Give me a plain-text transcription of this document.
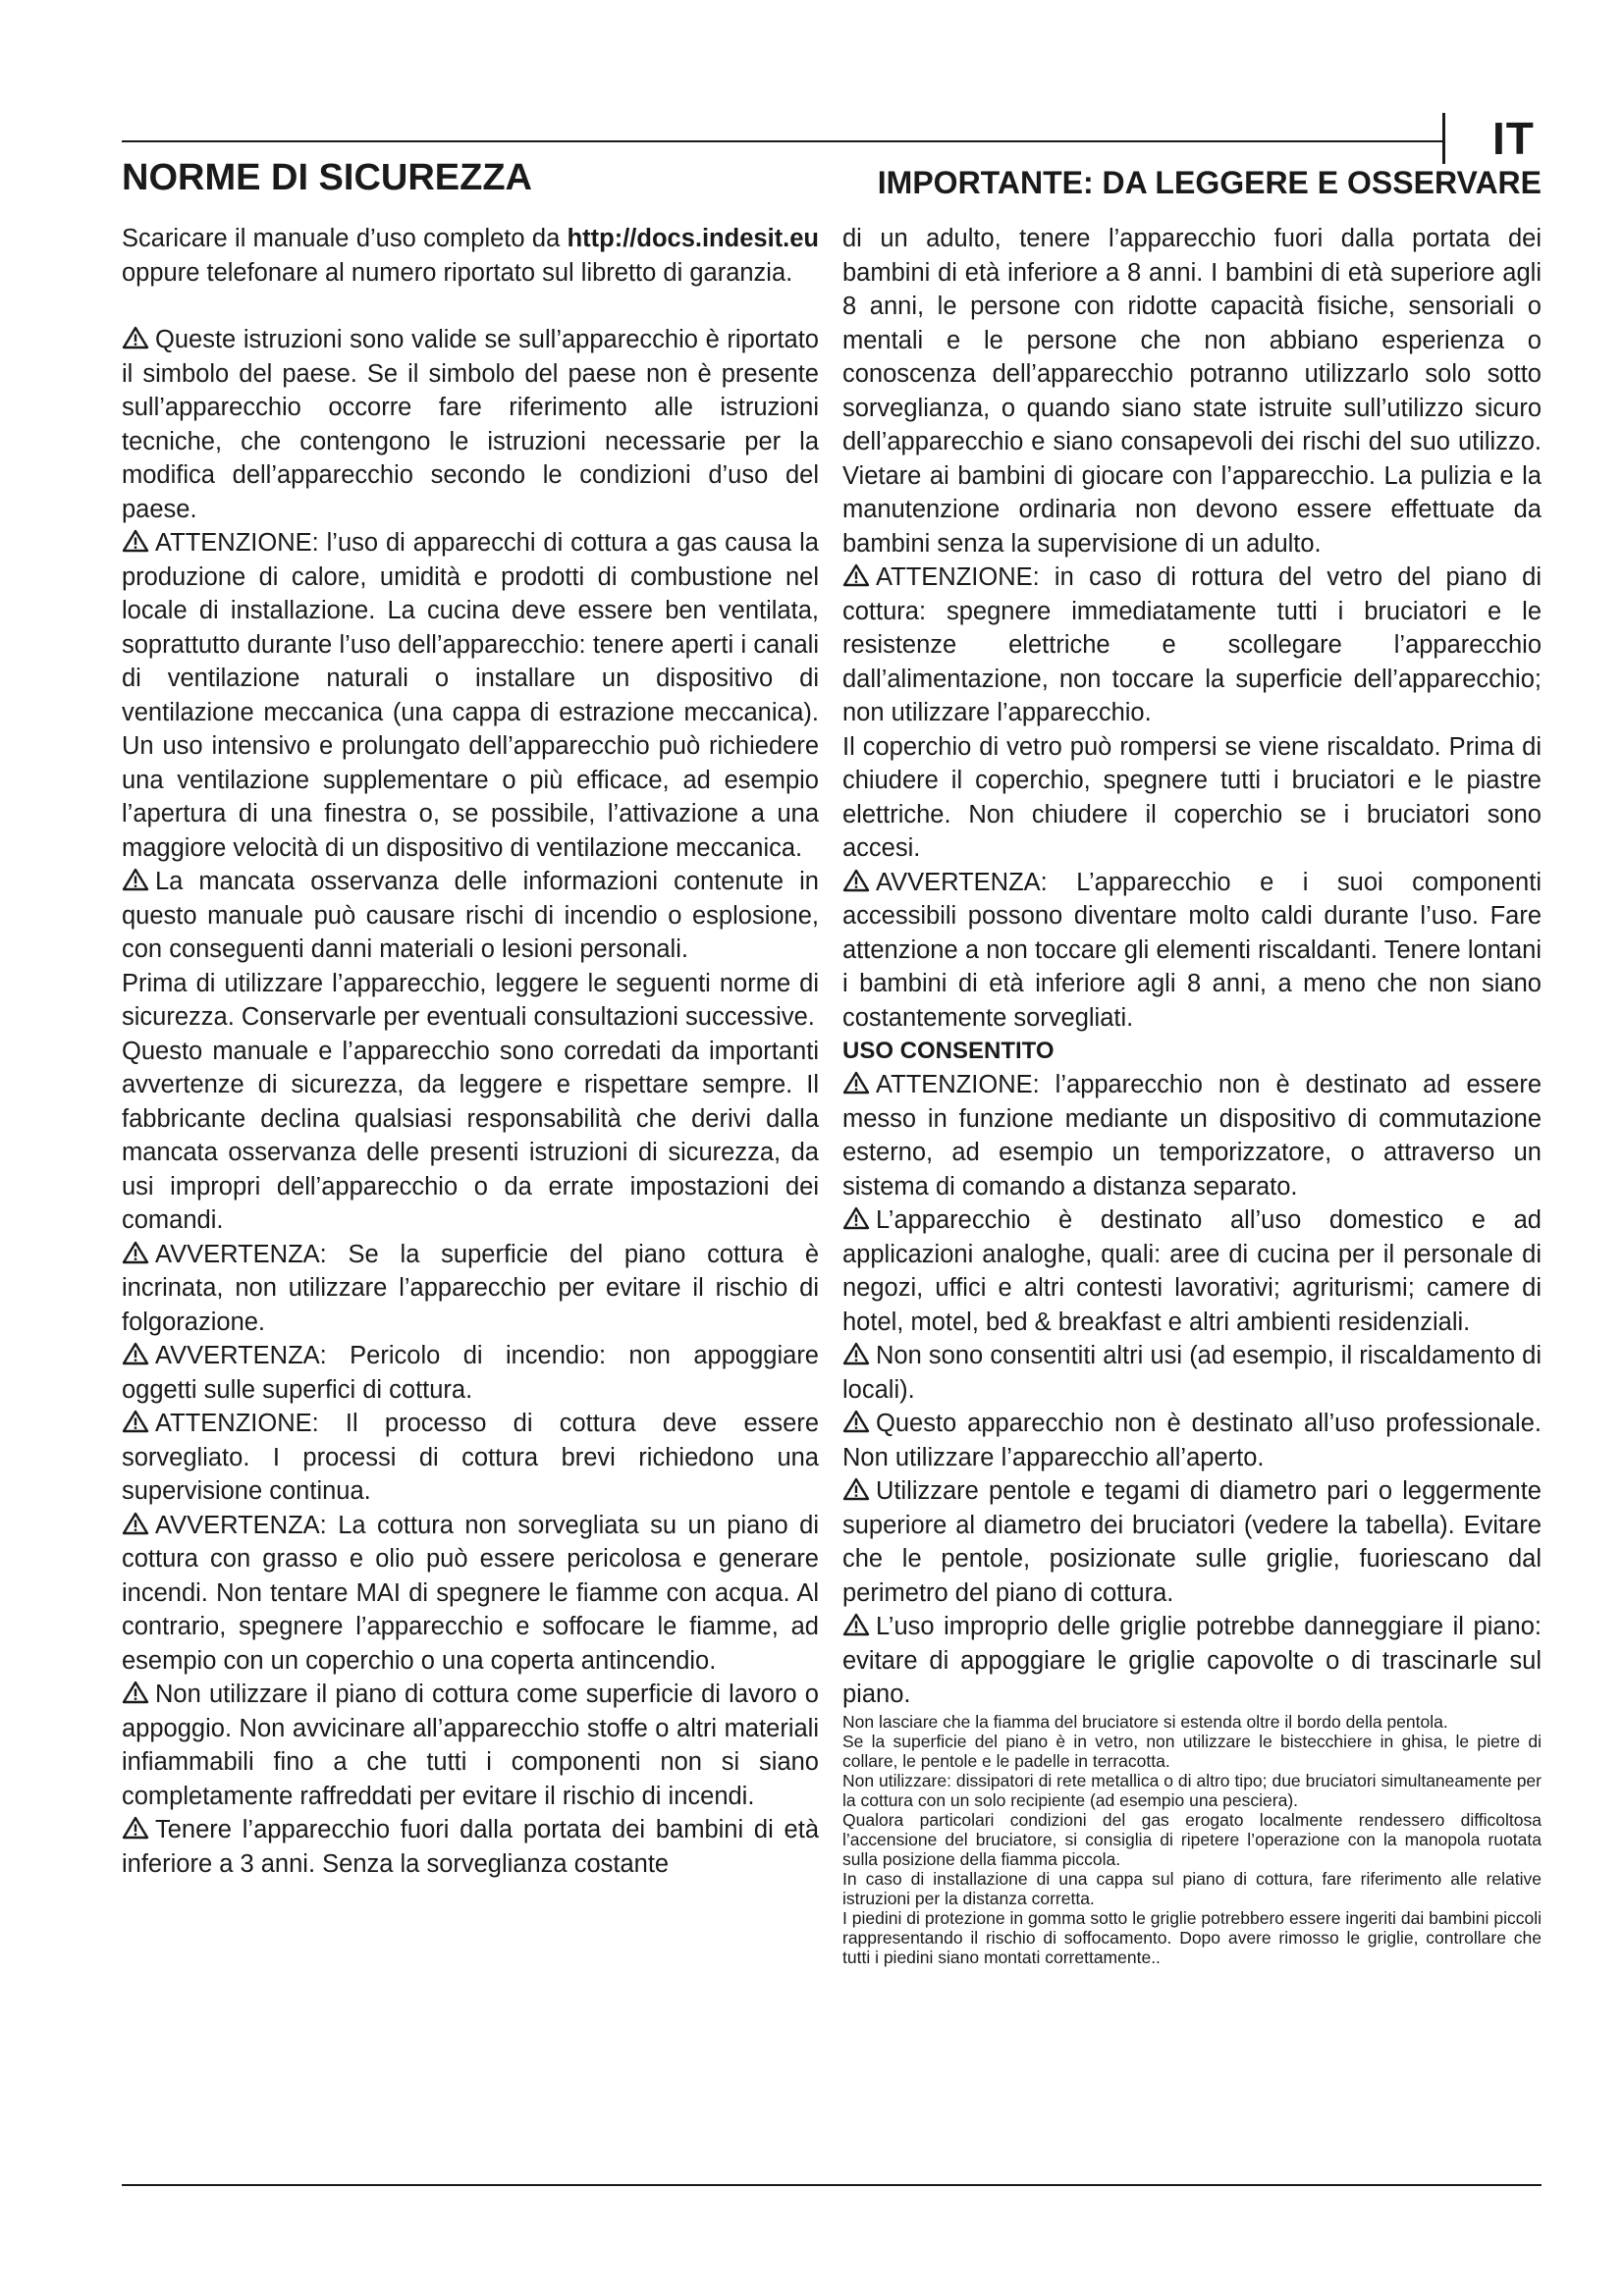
IT
NORME DI SICUREZZA	IMPORTANTE: DA LEGGERE E OSSERVARE

Scaricare il manuale d’uso completo da http://docs.indesit.eu oppure telefonare al numero riportato sul libretto di garanzia.

Queste istruzioni sono valide se sull’apparecchio è riportato il simbolo del paese. Se il simbolo del paese non è presente sull’apparecchio occorre fare riferimento alle istruzioni tecniche, che contengono le istruzioni necessarie per la modifica dell’apparecchio secondo le condizioni d’uso del paese.

ATTENZIONE: l’uso di apparecchi di cottura a gas causa la produzione di calore, umidità e prodotti di combustione nel locale di installazione. La cucina deve essere ben ventilata, soprattutto durante l’uso dell’apparecchio: tenere aperti i canali di ventilazione naturali o installare un dispositivo di ventilazione meccanica (una cappa di estrazione meccanica). Un uso intensivo e prolungato dell’apparecchio può richiedere una ventilazione supplementare o più efficace, ad esempio l’apertura di una finestra o, se possibile, l’attivazione a una maggiore velocità di un dispositivo di ventilazione meccanica.

La mancata osservanza delle informazioni contenute in questo manuale può causare rischi di incendio o esplosione, con conseguenti danni materiali o lesioni personali.

Prima di utilizzare l’apparecchio, leggere le seguenti norme di sicurezza. Conservarle per eventuali consultazioni successive.

Questo manuale e l’apparecchio sono corredati da importanti avvertenze di sicurezza, da leggere e rispettare sempre. Il fabbricante declina qualsiasi responsabilità che derivi dalla mancata osservanza delle presenti istruzioni di sicurezza, da usi impropri dell’apparecchio o da errate impostazioni dei comandi.

AVVERTENZA: Se la superficie del piano cottura è incrinata, non utilizzare l’apparecchio per evitare il rischio di folgorazione.

AVVERTENZA: Pericolo di incendio: non appoggiare oggetti sulle superfici di cottura.

ATTENZIONE: Il processo di cottura deve essere sorvegliato. I processi di cottura brevi richiedono una supervisione continua.

AVVERTENZA: La cottura non sorvegliata su un piano di cottura con grasso e olio può essere pericolosa e generare incendi. Non tentare MAI di spegnere le fiamme con acqua. Al contrario, spegnere l’apparecchio e soffocare le fiamme, ad esempio con un coperchio o una coperta antincendio.

Non utilizzare il piano di cottura come superficie di lavoro o appoggio. Non avvicinare all’apparecchio stoffe o altri materiali infiammabili fino a che tutti i componenti non si siano completamente raffreddati per evitare il rischio di incendi.

Tenere l’apparecchio fuori dalla portata dei bambini di età inferiore a 3 anni. Senza la sorveglianza costante

di un adulto, tenere l’apparecchio fuori dalla portata dei bambini di età inferiore a 8 anni. I bambini di età superiore agli 8 anni, le persone con ridotte capacità fisiche, sensoriali o mentali e le persone che non abbiano esperienza o conoscenza dell’apparecchio potranno utilizzarlo solo sotto sorveglianza, o quando siano state istruite sull’utilizzo sicuro dell’apparecchio e siano consapevoli dei rischi del suo utilizzo. Vietare ai bambini di giocare con l’apparecchio. La pulizia e la manutenzione ordinaria non devono essere effettuate da bambini senza la supervisione di un adulto.

ATTENZIONE: in caso di rottura del vetro del piano di cottura: spegnere immediatamente tutti i bruciatori e le resistenze elettriche e scollegare l’apparecchio dall’alimentazione, non toccare la superficie dell’apparecchio; non utilizzare l’apparecchio.

Il coperchio di vetro può rompersi se viene riscaldato. Prima di chiudere il coperchio, spegnere tutti i bruciatori e le piastre elettriche. Non chiudere il coperchio se i bruciatori sono accesi.

AVVERTENZA: L’apparecchio e i suoi componenti accessibili possono diventare molto caldi durante l’uso. Fare attenzione a non toccare gli elementi riscaldanti. Tenere lontani i bambini di età inferiore agli 8 anni, a meno che non siano costantemente sorvegliati.

USO CONSENTITO

ATTENZIONE: l’apparecchio non è destinato ad essere messo in funzione mediante un dispositivo di commutazione esterno, ad esempio un temporizzatore, o attraverso un sistema di comando a distanza separato.

L’apparecchio è destinato all’uso domestico e ad applicazioni analoghe, quali: aree di cucina per il personale di negozi, uffici e altri contesti lavorativi; agriturismi; camere di hotel, motel, bed & breakfast e altri ambienti residenziali.

Non sono consentiti altri usi (ad esempio, il riscaldamento di locali).

Questo apparecchio non è destinato all’uso professionale. Non utilizzare l’apparecchio all’aperto.

Utilizzare pentole e tegami di diametro pari o leggermente superiore al diametro dei bruciatori (vedere la tabella). Evitare che le pentole, posizionate sulle griglie, fuoriescano dal perimetro del piano di cottura.

L’uso improprio delle griglie potrebbe danneggiare il piano: evitare di appoggiare le griglie capovolte o di trascinarle sul piano.

Non lasciare che la fiamma del bruciatore si estenda oltre il bordo della pentola.

Se la superficie del piano è in vetro, non utilizzare le bistecchiere in ghisa, le pietre di collare, le pentole e le padelle in terracotta.

Non utilizzare: dissipatori di rete metallica o di altro tipo; due bruciatori simultaneamente per la cottura con un solo recipiente (ad esempio una pesciera).

Qualora particolari condizioni del gas erogato localmente rendessero difficoltosa l’accensione del bruciatore, si consiglia di ripetere l’operazione con la manopola ruotata sulla posizione della fiamma piccola.

In caso di installazione di una cappa sul piano di cottura, fare riferimento alle relative istruzioni per la distanza corretta.

I piedini di protezione in gomma sotto le griglie potrebbero essere ingeriti dai bambini piccoli rappresentando il rischio di soffocamento. Dopo avere rimosso le griglie, controllare che tutti i piedini siano montati correttamente..
